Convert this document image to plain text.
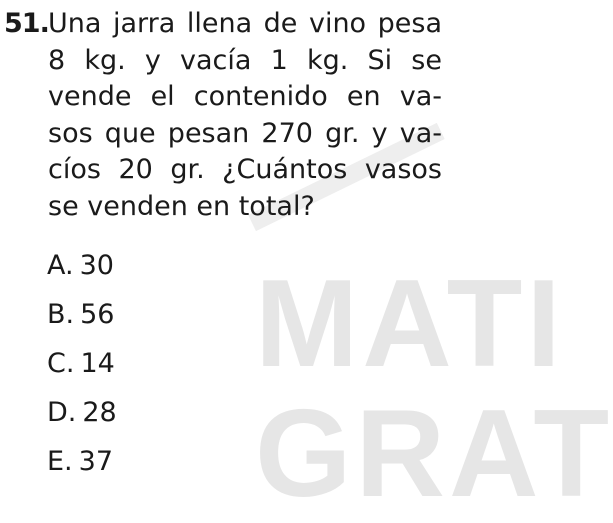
MATI
GRAT
51. Una jarra llena de vino pesa
8 kg. y vacía 1 kg. Si se
vende el contenido en va-
sos que pesan 270 gr. y va-
cíos 20 gr. ¿Cuántos vasos
se venden en total?
A. 30
B. 56
C. 14
D. 28
E. 37
